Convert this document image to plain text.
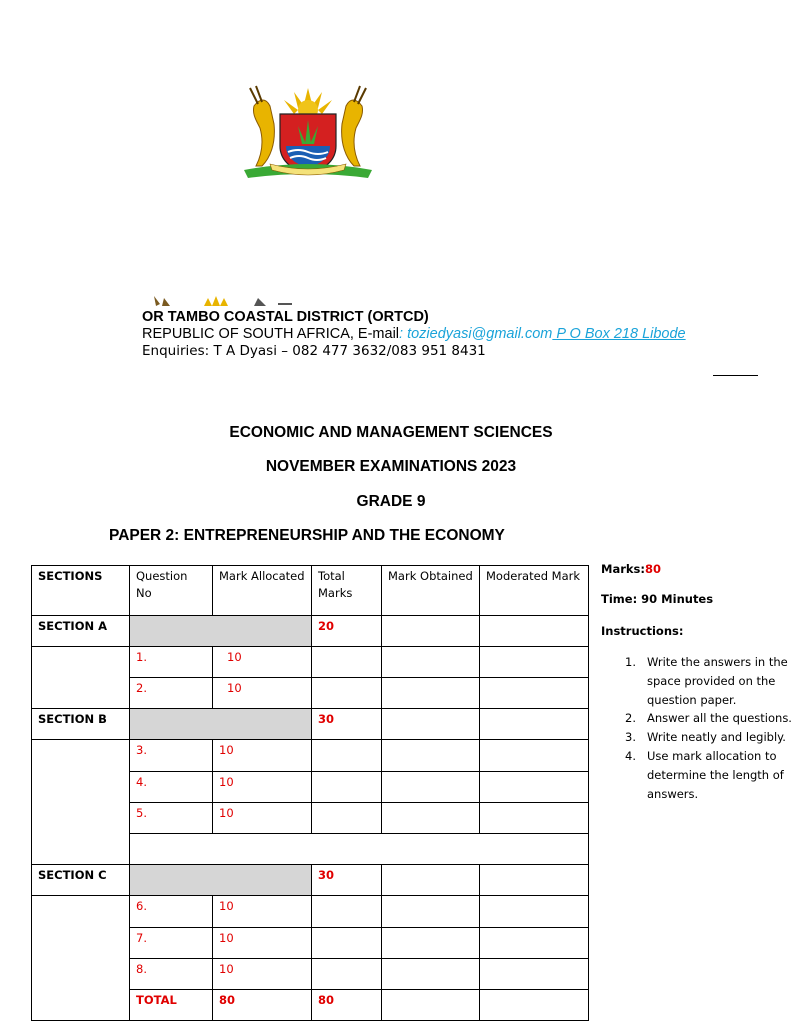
OR TAMBO COASTAL DISTRICT (ORTCD)
REPUBLIC OF SOUTH AFRICA, E-mail: toziedyasi@gmail.com P O Box 218 Libode
Enquiries: T A Dyasi – 082 477 3632/083 951 8431
ECONOMIC AND MANAGEMENT SCIENCES
NOVEMBER EXAMINATIONS 2023
GRADE 9
PAPER 2: ENTREPRENEURSHIP AND THE ECONOMY
SECTIONS	Question No	Mark Allocated	Total Marks	Mark Obtained	Moderated Mark
SECTION A			20		
	1.	10			
	2.	10			
SECTION B			30		
	3.	10			
	4.	10			
	5.	10			

SECTION C			30		
	6.	10			
	7.	10			
	8.	10			
	TOTAL	80	80		
Marks:80
Time: 90 Minutes
Instructions:
1. Write the answers in the space provided on the question paper.
2. Answer all the questions.
3. Write neatly and legibly.
4. Use mark allocation to determine the length of answers.
